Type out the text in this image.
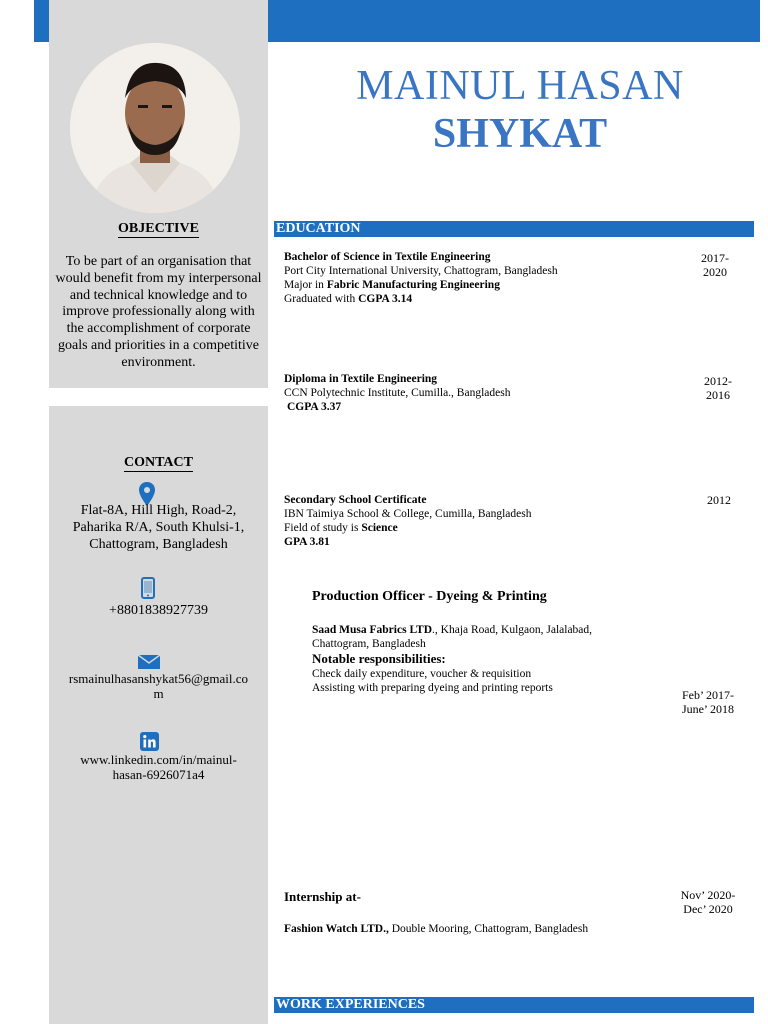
MAINUL HASAN
SHYKAT
OBJECTIVE
To be part of an organisation that would benefit from my interpersonal and technical knowledge and to improve professionally along with the accomplishment of corporate goals and priorities in a competitive environment.
CONTACT
Flat-8A, Hill High, Road-2,
Paharika R/A, South Khulsi-1,
Chattogram, Bangladesh
+8801838927739
rsmainulhasanshykat56@gmail.co
m
www.linkedin.com/in/mainul-
hasan-6926071a4
EDUCATION
Bachelor of Science in Textile Engineering
Port City International University, Chattogram, Bangladesh
Major in Fabric Manufacturing Engineering
Graduated with CGPA 3.14
2017-
2020
Diploma in Textile Engineering
CCN Polytechnic Institute, Cumilla., Bangladesh
CGPA 3.37
2012-
2016
Secondary School Certificate
IBN Taimiya School & College, Cumilla, Bangladesh
Field of study is Science
GPA 3.81
2012
Production Officer - Dyeing & Printing
Saad Musa Fabrics LTD., Khaja Road, Kulgaon, Jalalabad,
Chattogram, Bangladesh
Notable responsibilities:
Check daily expenditure, voucher & requisition
Assisting with preparing dyeing and printing reports	Feb’ 2017-
June’ 2018
Internship at-
Fashion Watch LTD., Double Mooring, Chattogram, Bangladesh
Nov’ 2020-
Dec’ 2020
WORK EXPERIENCES
